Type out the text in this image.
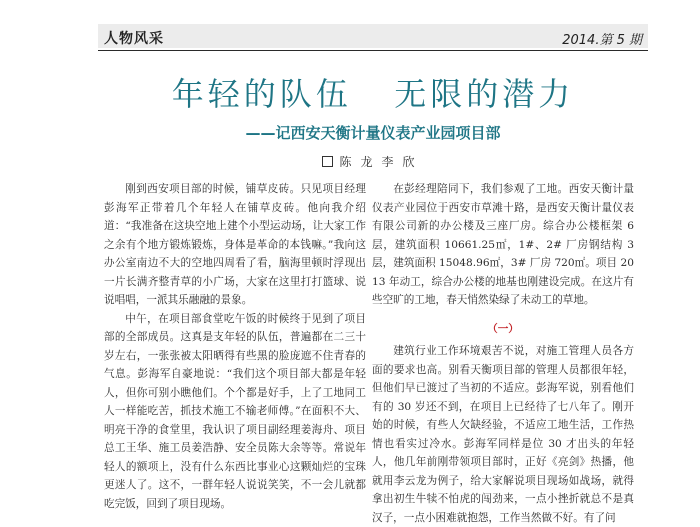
人物风采	2014.第 5 期
年轻的队伍   无限的潜力
——记西安天衡计量仪表产业园项目部
陈龙李欣

刚到西安项目部的时候，铺草皮砖。只见项目经理彭海军正带着几个年轻人在铺草皮砖。他向我介绍道：“我准备在这块空地上建个小型运动场，让大家工作之余有个地方锻炼锻炼，身体是革命的本钱嘛。”我向这办公室南边不大的空地四周看了看，脑海里顿时浮现出一片长满齐整青草的小广场，大家在这里打打篮球、说说唱唱，一派其乐融融的景象。

中午，在项目部食堂吃午饭的时候终于见到了项目部的全部成员。这真是支年轻的队伍，普遍都在二三十岁左右，一张张被太阳晒得有些黑的脸庞遮不住青春的气息。彭海军自豪地说：“我们这个项目部大都是年轻人，但你可别小瞧他们。个个都是好手，上了工地同工人一样能吃苦，抓技术施工不输老师傅。”在面积不大、明亮干净的食堂里，我认识了项目副经理姜海舟、项目总工王华、施工员姜浩静、安全员陈大余等等。常说年轻人的额项上，没有什么东西比事业心这颗灿烂的宝珠更迷人了。这不，一群年轻人说说笑笑，不一会儿就都吃完饭，回到了项目现场。

在彭经理陪同下，我们参观了工地。西安天衡计量仪表产业园位于西安市草滩十路，是西安天衡计量仪表有限公司新的办公楼及三座厂房。综合办公楼框架 6 层，建筑面积 10661.25㎡，1#、2# 厂房钢结构 3 层，建筑面积 15048.96㎡，3# 厂房 720㎡。项目 2013 年动工，综合办公楼的地基也刚建设完成。在这片有些空旷的工地，春天悄然染绿了未动工的草地。

（一）

建筑行业工作环境艰苦不说，对施工管理人员各方面的要求也高。别看天衡项目部的管理人员都很年轻，但他们早已渡过了当初的不适应。彭海军说，别看他们有的 30 岁还不到，在项目上已经待了七八年了。刚开始的时候，有些人欠缺经验，不适应工地生活，工作热情也看实过冷水。彭海军同样是位 30 才出头的年轻人，他几年前刚带领项目部时，正好《亮剑》热播，他就用李云龙为例子，给大家解说项目现场如战场，就得拿出初生牛犊不怕虎的闯劲来，一点小挫折就总不是真汉子，一点小困难就抱怨，工作当然做不好。有了问
